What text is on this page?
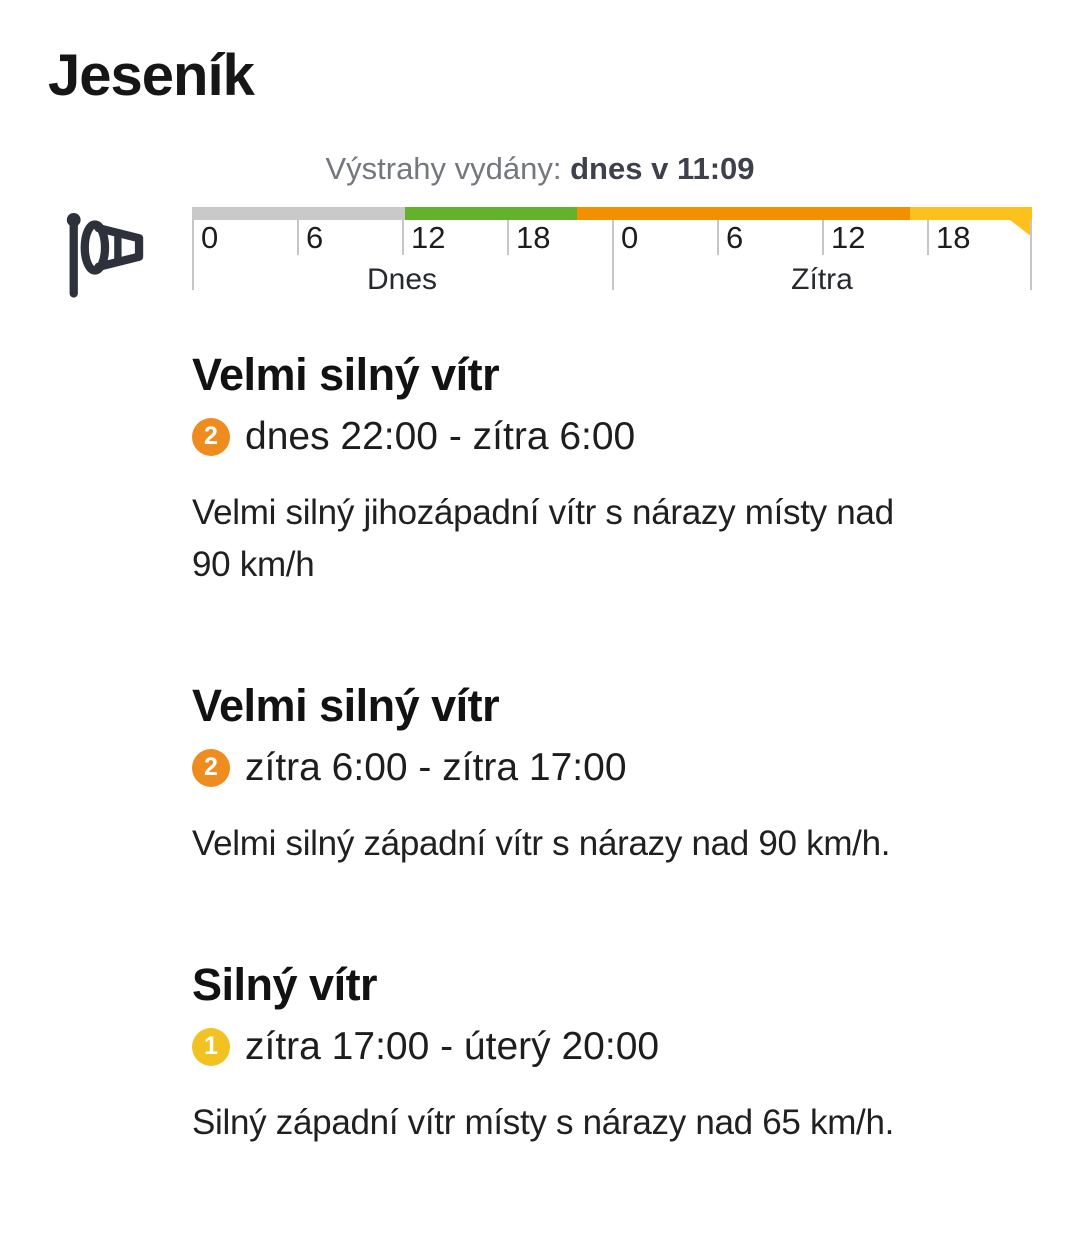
Jeseník
Výstrahy vydány: dnes v 11:09
0	6	12 18
Dnes
0	6	12 18
Zítra
Velmi silný vítr
2 dnes 22:00 - zítra 6:00
Velmi silný jihozápadní vítr s nárazy místy nad
90 km/h
Velmi silný vítr
2 zítra 6:00 - zítra 17:00
Velmi silný západní vítr s nárazy nad 90 km/h.
Silný vítr
1 zítra 17:00 - úterý 20:00
Silný západní vítr místy s nárazy nad 65 km/h.
